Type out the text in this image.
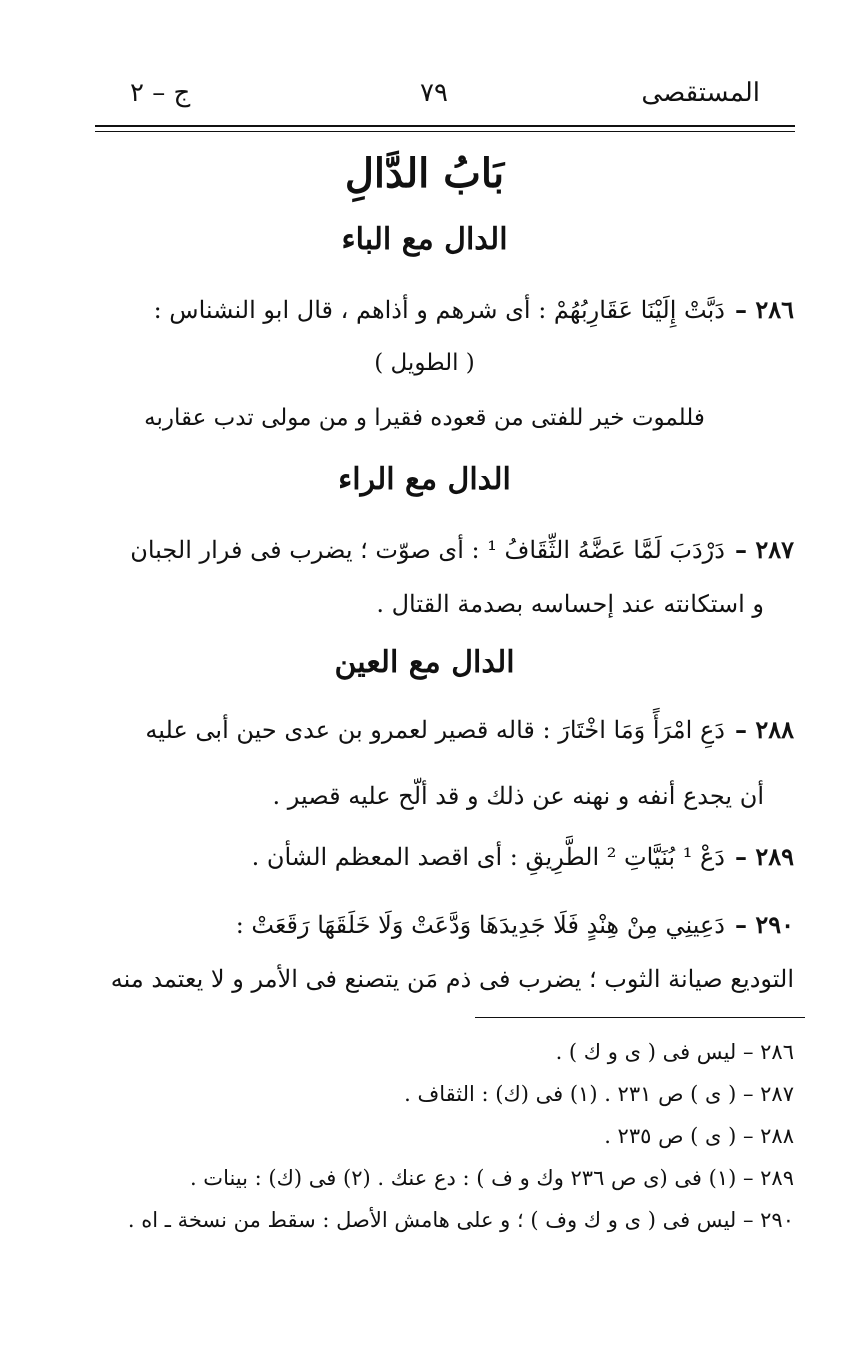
ج – ٢	٧٩	المستقصى
بَابُ الدَّالِ
الدال مع الباء
٢٨٦ –دَبَّتْ إِلَيْنَا عَقَارِبُهُمْ : أى شرهم و أذاهم ، قال ابو النشناس :
( الطويل )
فللموت خير للفتى من قعوده فقيرا و من مولى تدب عقاربه
الدال مع الراء
٢٨٧ –دَرْدَبَ لَمَّا عَضَّهُ الثِّقَافُ ¹ : أى صوّت ؛ يضرب فى فرار الجبان
و استكانته عند إحساسه بصدمة القتال .
الدال مع العين
٢٨٨ –دَعِ امْرَأً وَمَا اخْتَارَ : قاله قصير لعمرو بن عدى حين أبى عليه
أن يجدع أنفه و نهنه عن ذلك و قد ألّح عليه قصير .
٢٨٩ –دَعْ ¹ بُنَيَّاتِ ² الطَّرِيقِ : أى اقصد المعظم الشأن .
٢٩٠ –دَعِينِي مِنْ هِنْدٍ فَلَا جَدِيدَهَا وَدَّعَتْ وَلَا خَلَقَهَا رَقَعَتْ :
التوديع صيانة الثوب ؛ يضرب فى ذم مَن يتصنع فى الأمر و لا يعتمد منه
٢٨٦ – ليس فى ( ى و ك ) .
٢٨٧ – ( ى ) ص ٢٣١ . (١) فى (ك) : الثقاف .
٢٨٨ – ( ى ) ص ٢٣٥ .
٢٨٩ – (١) فى (ى ص ٢٣٦ وك و ف ) : دع عنك . (٢) فى (ك) : بينات .
٢٩٠ – ليس فى ( ى و ك وف ) ؛ و على هامش الأصل : سقط من نسخة ـ اه .
